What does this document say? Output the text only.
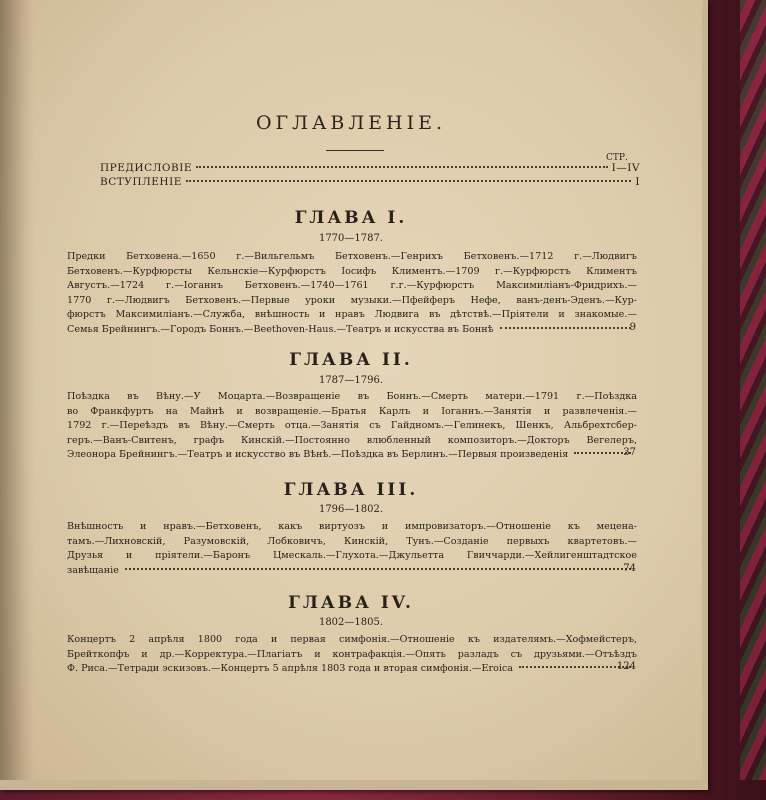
ОГЛАВЛЕНІЕ.
СТР.
ПРЕДИСЛОВІЕ	I—IV
ВСТУПЛЕНІЕ	I
ГЛАВА I.
1770—1787.
Предки Бетховена.—1650 г.—Вильгельмъ Бетховенъ.—Генрихъ Бетховенъ.—1712 г.—Людвигъ
Бетховенъ.—Курфюрсты Кельнскіе—Курфюрстъ Іосифъ Климентъ.—1709 г.—Курфюрстъ Климентъ
Августъ.—1724 г.—Іоганнъ Бетховенъ.—1740—1761 г.г.—Курфюрстъ Максимиліанъ-Фридрихъ.—
1770 г.—Людвигъ Бетховенъ.—Первые уроки музыки.—Пфейферъ Нефе, ванъ-денъ-Эденъ.—Кур-
фюрстъ Максимиліанъ.—Служба, внѣшность и нравъ Людвига въ дѣтствѣ.—Пріятели и знакомые.—
Семья Брейнингъ.—Городъ Боннъ.—Beethoven-Haus.—Театръ и искусства въ Боннѣ	9
ГЛАВА II.
1787—1796.
Поѣздка въ Вѣну.—У Моцарта.—Возвращеніе въ Боннъ.—Смерть матери.—1791 г.—Поѣздка
во Франкфуртъ на Майнѣ и возвращеніе.—Братья Карлъ и Іоганнъ.—Занятія и развлеченія.—
1792 г.—Переѣздъ въ Вѣну.—Смерть отца.—Занятія съ Гайдномъ.—Гелинекъ, Шенкъ, Альбрехтсбер-
геръ.—Ванъ-Свитенъ, графъ Кинскій.—Постоянно влюбленный композиторъ.—Докторъ Вегелеръ,
Элеонора Брейнингъ.—Театръ и искусство въ Вѣнѣ.—Поѣздка въ Берлинъ.—Первыя произведенія	37
ГЛАВА III.
1796—1802.
Внѣшность и нравъ.—Бетховенъ, какъ виртуозъ и импровизаторъ.—Отношеніе къ мецена-
тамъ.—Лихновскій, Разумовскій, Лобковичъ, Кинскій, Тунъ.—Созданіе первыхъ квартетовъ.—
Друзья и пріятели.—Баронъ Цмескаль.—Глухота.—Джульетта Гвиччарди.—Хейлигенштадтское
завѣщаніе	74
ГЛАВА IV.
1802—1805.
Концертъ 2 апрѣля 1800 года и первая симфонія.—Отношеніе къ издателямъ.—Хофмейстеръ,
Брейткопфъ и др.—Корректура.—Плагіатъ и контрафакція.—Опять разладъ съ друзьями.—Отъѣздъ
Ф. Риса.—Тетради эскизовъ.—Концертъ 5 апрѣля 1803 года и вторая симфонія.—Eroica	124
